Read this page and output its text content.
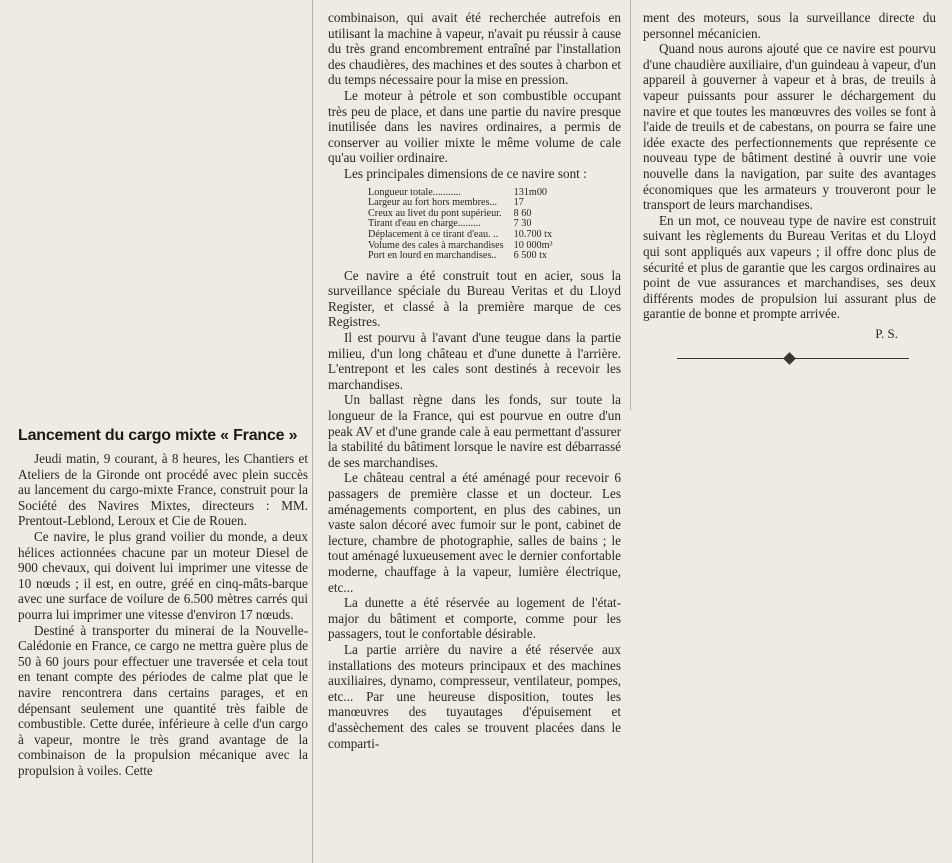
Lancement du cargo mixte « France »

Jeudi matin, 9 courant, à 8 heures, les Chantiers et Ateliers de la Gironde ont procédé avec plein succès au lancement du cargo-mixte France, construit pour la Société des Navires Mixtes, directeurs : MM. Prentout-Leblond, Leroux et Cie de Rouen.

Ce navire, le plus grand voilier du monde, a deux hélices actionnées chacune par un moteur Diesel de 900 chevaux, qui doivent lui imprimer une vitesse de 10 nœuds ; il est, en outre, gréé en cinq-mâts-barque avec une surface de voilure de 6.500 mètres carrés qui pourra lui imprimer une vitesse d'environ 17 nœuds.

Destiné à transporter du minerai de la Nouvelle-Calédonie en France, ce cargo ne mettra guère plus de 50 à 60 jours pour effectuer une traversée et cela tout en tenant compte des périodes de calme plat que le navire rencontrera dans certains parages, et en dépensant seulement une quantité très faible de combustible. Cette durée, inférieure à celle d'un cargo à vapeur, montre le très grand avantage de la combinaison de la propulsion mécanique avec la propulsion à voiles. Cette

combinaison, qui avait été recherchée autrefois en utilisant la machine à vapeur, n'avait pu réussir à cause du très grand encombrement entraîné par l'installation des chaudières, des machines et des soutes à charbon et du temps nécessaire pour la mise en pression.

Le moteur à pétrole et son combustible occupant très peu de place, et dans une partie du navire presque inutilisée dans les navires ordinaires, a permis de conserver au voilier mixte le même volume de cale qu'au voilier ordinaire.

Les principales dimensions de ce navire sont :

Longueur totale...........	131m00
Largeur au fort hors membres...	17
Creux au livet du pont supérieur.	8 60
Tirant d'eau en charge.........	7 30
Déplacement à ce tirant d'eau. ..	10.700 tx
Volume des cales à marchandises	10 000m³
Port en lourd en marchandises..	6 500 tx

Ce navire a été construit tout en acier, sous la surveillance spéciale du Bureau Veritas et du Lloyd Register, et classé à la première marque de ces Registres.

Il est pourvu à l'avant d'une teugue dans la partie milieu, d'un long château et d'une dunette à l'arrière. L'entrepont et les cales sont destinés à recevoir les marchandises.

Un ballast règne dans les fonds, sur toute la longueur de la France, qui est pourvue en outre d'un peak AV et d'une grande cale à eau permettant d'assurer la stabilité du bâtiment lorsque le navire est débarrassé de ses marchandises.

Le château central a été aménagé pour recevoir 6 passagers de première classe et un docteur. Les aménagements comportent, en plus des cabines, un vaste salon décoré avec fumoir sur le pont, cabinet de lecture, chambre de photographie, salles de bains ; le tout aménagé luxueusement avec le dernier confortable moderne, chauffage à la vapeur, lumière électrique, etc...

La dunette a été réservée au logement de l'état-major du bâtiment et comporte, comme pour les passagers, tout le confortable désirable.

La partie arrière du navire a été réservée aux installations des moteurs principaux et des machines auxiliaires, dynamo, compresseur, ventilateur, pompes, etc... Par une heureuse disposition, toutes les manœuvres des tuyautages d'épuisement et d'assèchement des cales se trouvent placées dans le comparti-

ment des moteurs, sous la surveillance directe du personnel mécanicien.

Quand nous aurons ajouté que ce navire est pourvu d'une chaudière auxiliaire, d'un guindeau à vapeur, d'un appareil à gouverner à vapeur et à bras, de treuils à vapeur puissants pour assurer le déchargement du navire et que toutes les manœuvres des voiles se font à l'aide de treuils et de cabestans, on pourra se faire une idée exacte des perfectionnements que représente ce nouveau type de bâtiment destiné à ouvrir une voie nouvelle dans la navigation, par suite des avantages économiques que les armateurs y trouveront pour le transport de leurs marchandises.

En un mot, ce nouveau type de navire est construit suivant les règlements du Bureau Veritas et du Lloyd qui sont appliqués aux vapeurs ; il offre donc plus de sécurité et plus de garantie que les cargos ordinaires au point de vue assurances et marchandises, ses deux différents modes de propulsion lui assurant plus de garantie de bonne et prompte arrivée.

P. S.
